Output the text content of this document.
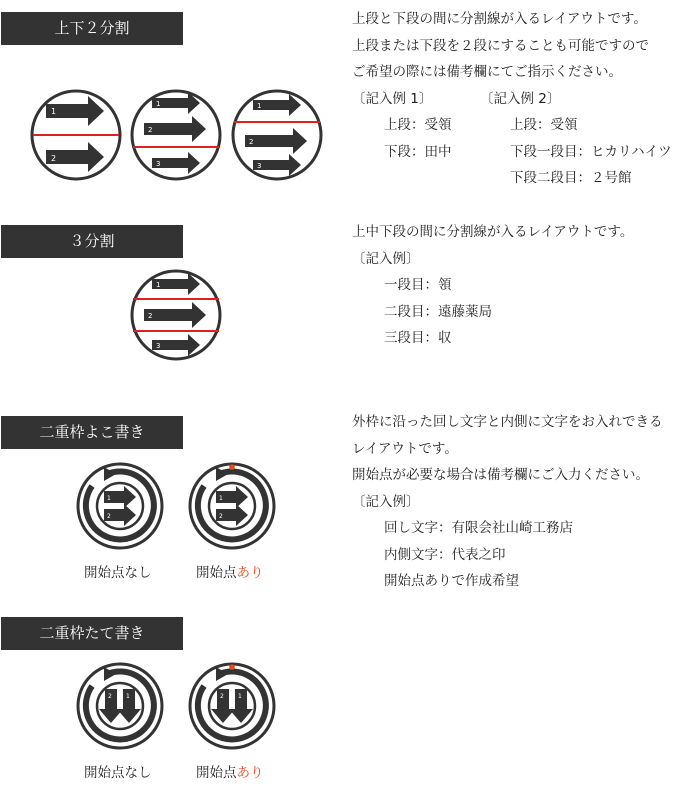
上下２分割
1
2
1
2
3
1
2
3
上段と下段の間に分割線が入るレイアウトです。
上段または下段を２段にすることも可能ですので
ご希望の際には備考欄にてご指示ください。
〔記入例 1〕
上段：受領
下段：田中
〔記入例 2〕
上段：受領
下段一段目：ヒカリハイツ
下段二段目：２号館
３分割
1
2
3
上中下段の間に分割線が入るレイアウトです。
〔記入例〕
一段目：領
二段目：遠藤薬局
三段目：収
二重枠よこ書き
1
2
開始点なし
1
2
開始点あり
外枠に沿った回し文字と内側に文字をお入れできる
レイアウトです。
開始点が必要な場合は備考欄にご入力ください。
〔記入例〕
回し文字：有限会社山崎工務店
内側文字：代表之印
開始点ありで作成希望
二重枠たて書き
2 1
開始点なし
2 1
開始点あり
